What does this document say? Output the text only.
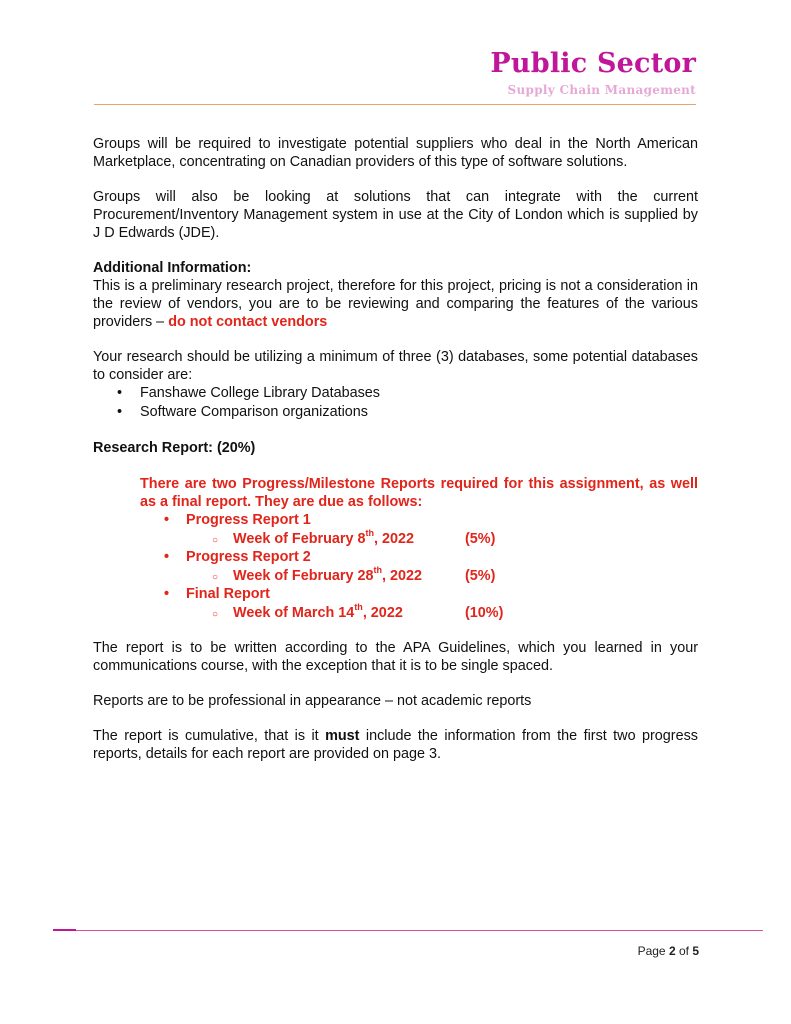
Public Sector
Supply Chain Management

Groups will be required to investigate potential suppliers who deal in the North American Marketplace, concentrating on Canadian providers of this type of software solutions.

Groups will also be looking at solutions that can integrate with the current Procurement/Inventory Management system in use at the City of London which is supplied by J D Edwards (JDE).

Additional Information:

This is a preliminary research project, therefore for this project, pricing is not a consideration in the review of vendors, you are to be reviewing and comparing the features of the various providers – do not contact vendors

Your research should be utilizing a minimum of three (3) databases, some potential databases to consider are:

• Fanshawe College Library Databases
• Software Comparison organizations

Research Report: (20%)

There are two Progress/Milestone Reports required for this assignment, as well as a final report. They are due as follows:

• Progress Report 1
○ Week of February 8th, 2022	(5%)
• Progress Report 2
○ Week of February 28th, 2022	(5%)
• Final Report
○ Week of March 14th, 2022	(10%)

The report is to be written according to the APA Guidelines, which you learned in your communications course, with the exception that it is to be single spaced.

Reports are to be professional in appearance – not academic reports

The report is cumulative, that is it must include the information from the first two progress reports, details for each report are provided on page 3.

Page 2 of 5
